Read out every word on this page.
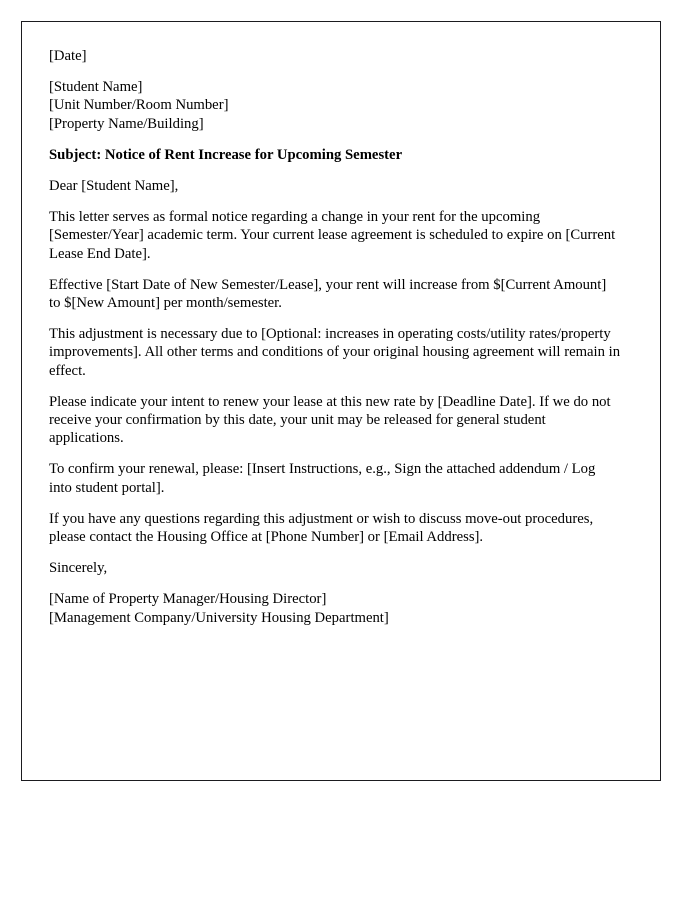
[Date]

[Student Name]
[Unit Number/Room Number]
[Property Name/Building]

Subject: Notice of Rent Increase for Upcoming Semester

Dear [Student Name],

This letter serves as formal notice regarding a change in your rent for the upcoming [Semester/Year] academic term. Your current lease agreement is scheduled to expire on [Current Lease End Date].

Effective [Start Date of New Semester/Lease], your rent will increase from $[Current Amount] to $[New Amount] per month/semester.

This adjustment is necessary due to [Optional: increases in operating costs/utility rates/property improvements]. All other terms and conditions of your original housing agreement will remain in effect.

Please indicate your intent to renew your lease at this new rate by [Deadline Date]. If we do not receive your confirmation by this date, your unit may be released for general student applications.

To confirm your renewal, please: [Insert Instructions, e.g., Sign the attached addendum / Log into student portal].

If you have any questions regarding this adjustment or wish to discuss move-out procedures, please contact the Housing Office at [Phone Number] or [Email Address].

Sincerely,

[Name of Property Manager/Housing Director]
[Management Company/University Housing Department]
